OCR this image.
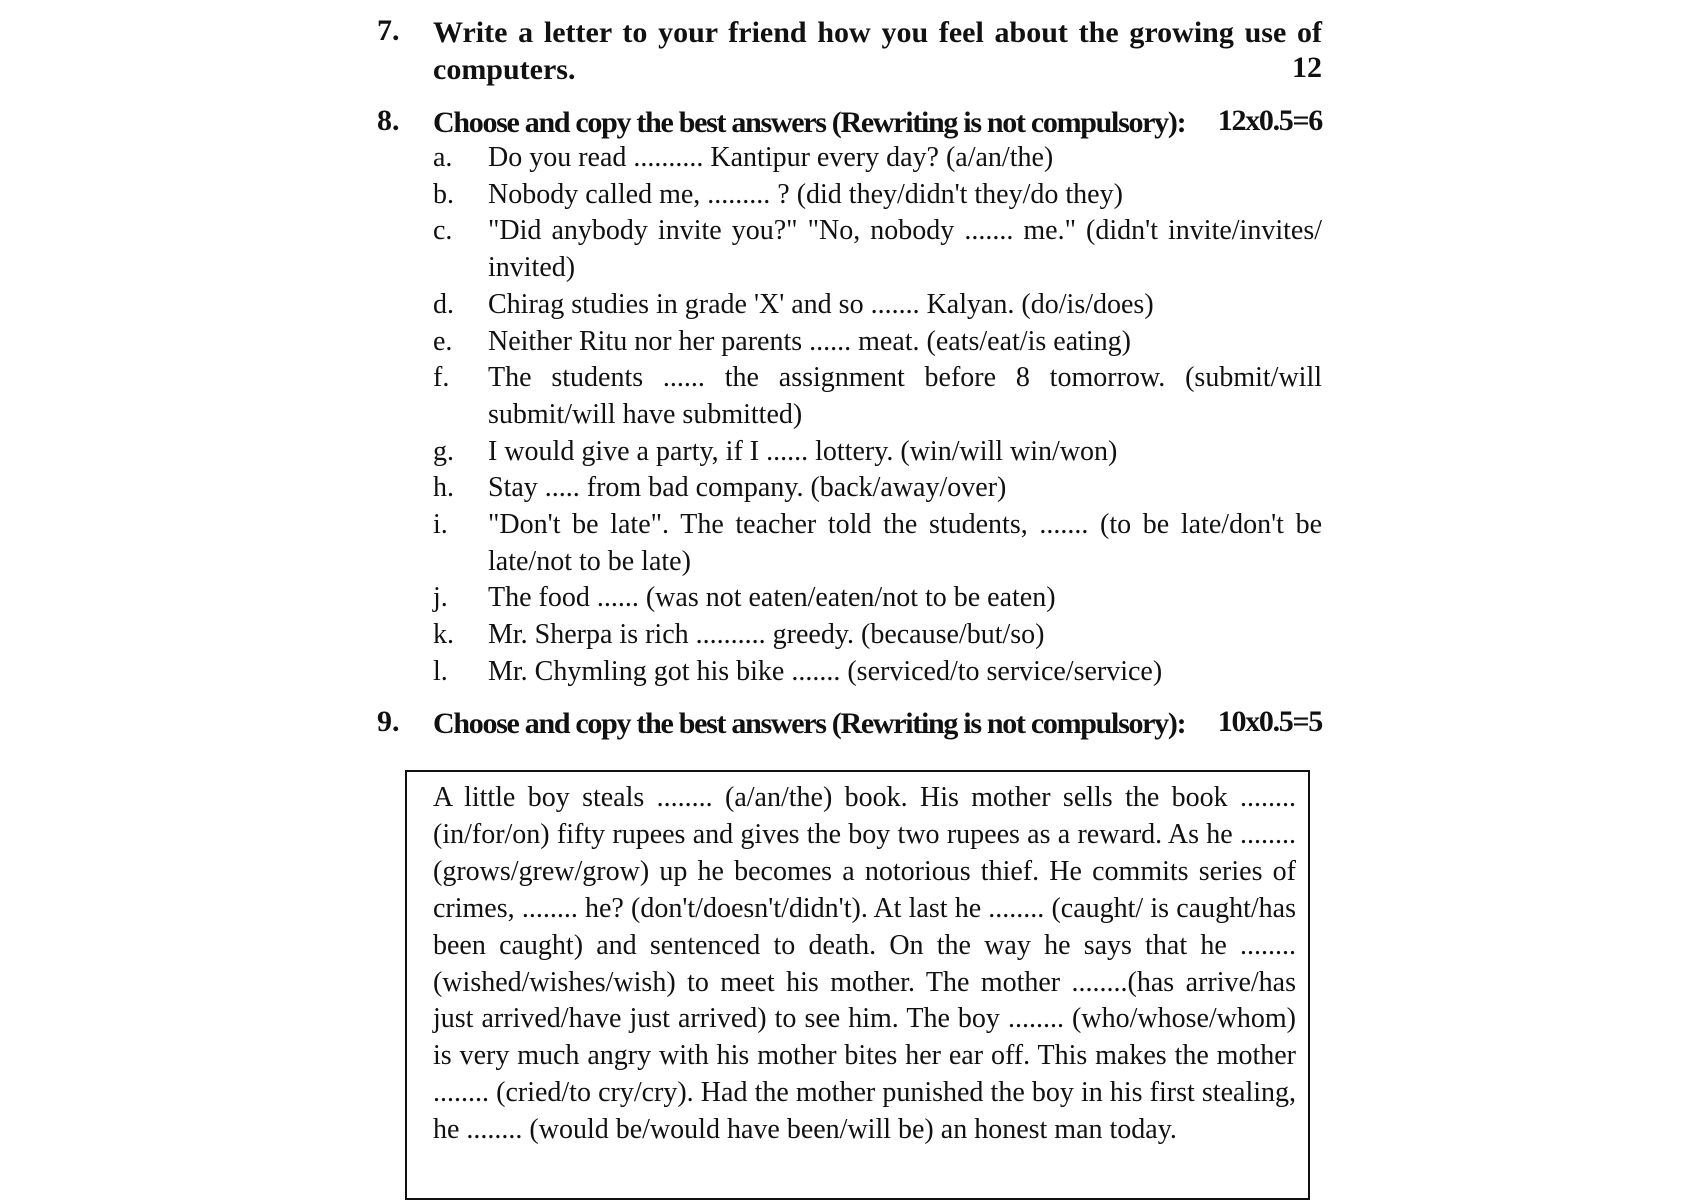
7. Write a letter to your friend how you feel about the growing use of computers.	12
8. Choose and copy the best answers (Rewriting is not compulsory):	12x0.5=6
a. Do you read .......... Kantipur every day? (a/an/the)
b. Nobody called me, ......... ? (did they/didn't they/do they)
c. "Did anybody invite you?" "No, nobody ....... me." (didn't invite/invites/ invited)
d. Chirag studies in grade 'X' and so ....... Kalyan. (do/is/does)
e. Neither Ritu nor her parents ...... meat. (eats/eat/is eating)
f. The students ...... the assignment before 8 tomorrow. (submit/will submit/will have submitted)
g. I would give a party, if I ...... lottery. (win/will win/won)
h. Stay ..... from bad company. (back/away/over)
i. "Don't be late". The teacher told the students, ....... (to be late/don't be late/not to be late)
j. The food ...... (was not eaten/eaten/not to be eaten)
k. Mr. Sherpa is rich .......... greedy. (because/but/so)
l. Mr. Chymling got his bike ....... (serviced/to service/service)
9. Choose and copy the best answers (Rewriting is not compulsory):	10x0.5=5
A little boy steals ........ (a/an/the) book. His mother sells the book ........ (in/for/on) fifty rupees and gives the boy two rupees as a reward. As he ........(grows/grew/grow) up he becomes a notorious thief. He commits series of crimes, ........ he? (don't/doesn't/didn't). At last he ........ (caught/ is caught/has been caught) and sentenced to death. On the way he says that he ........(wished/wishes/wish) to meet his mother. The mother ........(has arrive/has just arrived/have just arrived) to see him. The boy ........ (who/whose/whom) is very much angry with his mother bites her ear off. This makes the mother ........ (cried/to cry/cry). Had the mother punished the boy in his first stealing, he ........ (would be/would have been/will be) an honest man today.
